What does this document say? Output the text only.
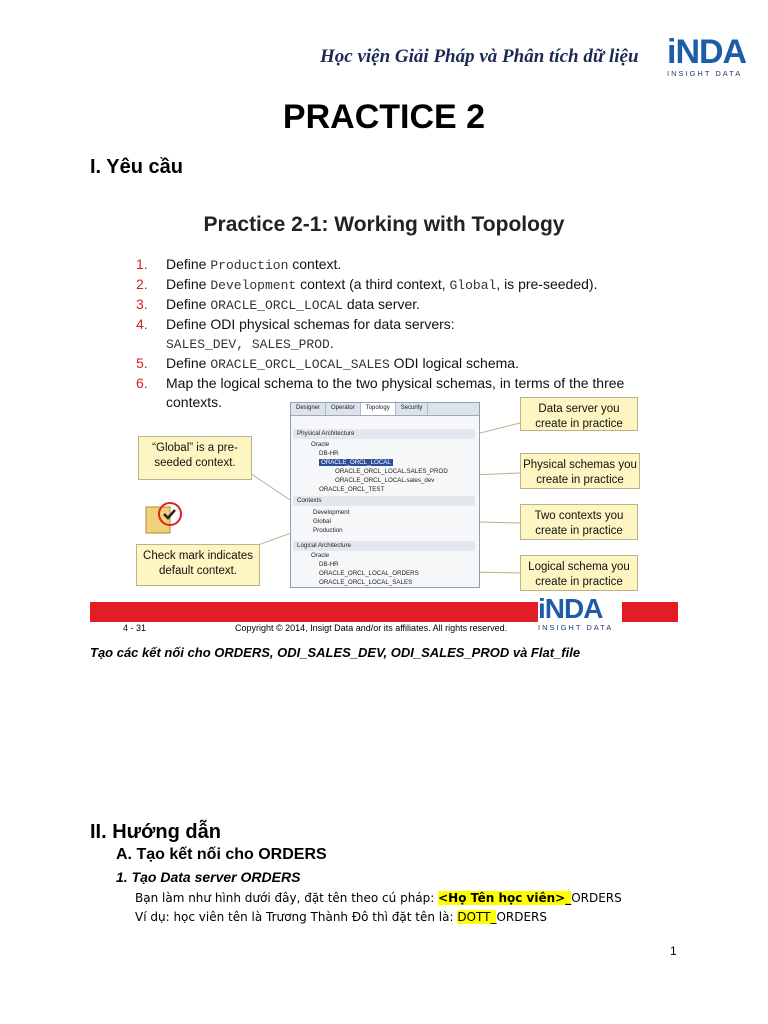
Học viện Giải Pháp và Phân tích dữ liệu iNDA
INSIGHT DATA
PRACTICE 2
I. Yêu cầu
Practice 2-1: Working with Topology
1. Define Production context.
2. Define Development context (a third context, Global, is pre-seeded).
3. Define ORACLE_ORCL_LOCAL data server.
4. Define ODI physical schemas for data servers:
SALES_DEV, SALES_PROD.
5. Define ORACLE_ORCL_LOCAL_SALES ODI logical schema.
6. Map the logical schema to the two physical schemas, in terms of the three contexts.
“Global” is a pre-seeded context.
Check mark indicates default context.
Data server you create in practice
Physical schemas you create in practice
Two contexts you create in practice
Logical schema you create in practice
Designer	Operator	Topology	Security
Physical Architecture
Oracle
DB-HR
ORACLE_ORCL_LOCAL
ORACLE_ORCL_LOCAL.SALES_PROD
ORACLE_ORCL_LOCAL.sales_dev
ORACLE_ORCL_TEST
Contexts
Development
Global
Production
Logical Architecture
Oracle
DB-HR
ORACLE_ORCL_LOCAL_ORDERS
ORACLE_ORCL_LOCAL_SALES
iNDA
INSIGHT DATA
4 - 31	Copyright © 2014, Insigt Data and/or its affiliates. All rights reserved.
Tạo các kết nối cho ORDERS, ODI_SALES_DEV, ODI_SALES_PROD và Flat_file
II. Hướng dẫn
A. Tạo kết nối cho ORDERS
1. Tạo Data server ORDERS
Bạn làm như hình dưới đây, đặt tên theo cú pháp: <Họ Tên học viên>_ORDERS
Ví dụ: học viên tên là Trương Thành Đô thì đặt tên là: DOTT_ORDERS
1
